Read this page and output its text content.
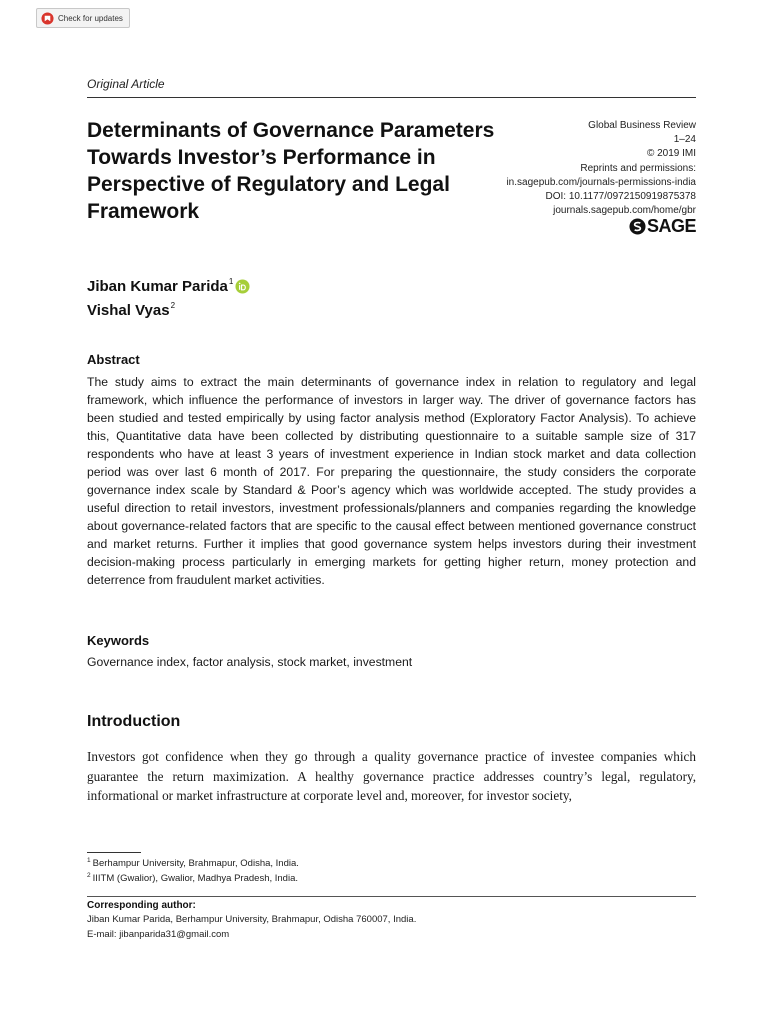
Check for updates
Original Article
Determinants of Governance Parameters Towards Investor’s Performance in Perspective of Regulatory and Legal Framework
Global Business Review
1–24
© 2019 IMI
Reprints and permissions:
in.sagepub.com/journals-permissions-india
DOI: 10.1177/0972150919875378
journals.sagepub.com/home/gbr
SAGE
Jiban Kumar Parida$^1$
Vishal Vyas$^2$
Abstract

The study aims to extract the main determinants of governance index in relation to regulatory and legal framework, which influence the performance of investors in larger way. The driver of governance factors has been studied and tested empirically by using factor analysis method (Exploratory Factor Analysis). To achieve this, Quantitative data have been collected by distributing questionnaire to a suitable sample size of 317 respondents who have at least 3 years of investment experience in Indian stock market and data collection period was over last 6 month of 2017. For preparing the questionnaire, the study considers the corporate governance index scale by Standard & Poor’s agency which was worldwide accepted. The study provides a useful direction to retail investors, investment professionals/planners and companies regarding the knowledge about governance-related factors that are specific to the causal effect between mentioned governance construct and market returns. Further it implies that good governance system helps investors during their investment decision-making process particularly in emerging markets for getting higher return, money protection and deterrence from fraudulent market activities.

Keywords
Governance index, factor analysis, stock market, investment
Introduction

Investors got confidence when they go through a quality governance practice of investee companies which guarantee the return maximization. A healthy governance practice addresses country’s legal, regulatory, informational or market infrastructure at corporate level and, moreover, for investor society,

$^1$ Berhampur University, Brahmapur, Odisha, India.
$^2$ IIITM (Gwalior), Gwalior, Madhya Pradesh, India.
Corresponding author:
Jiban Kumar Parida, Berhampur University, Brahmapur, Odisha 760007, India.
E-mail: jibanparida31@gmail.com
